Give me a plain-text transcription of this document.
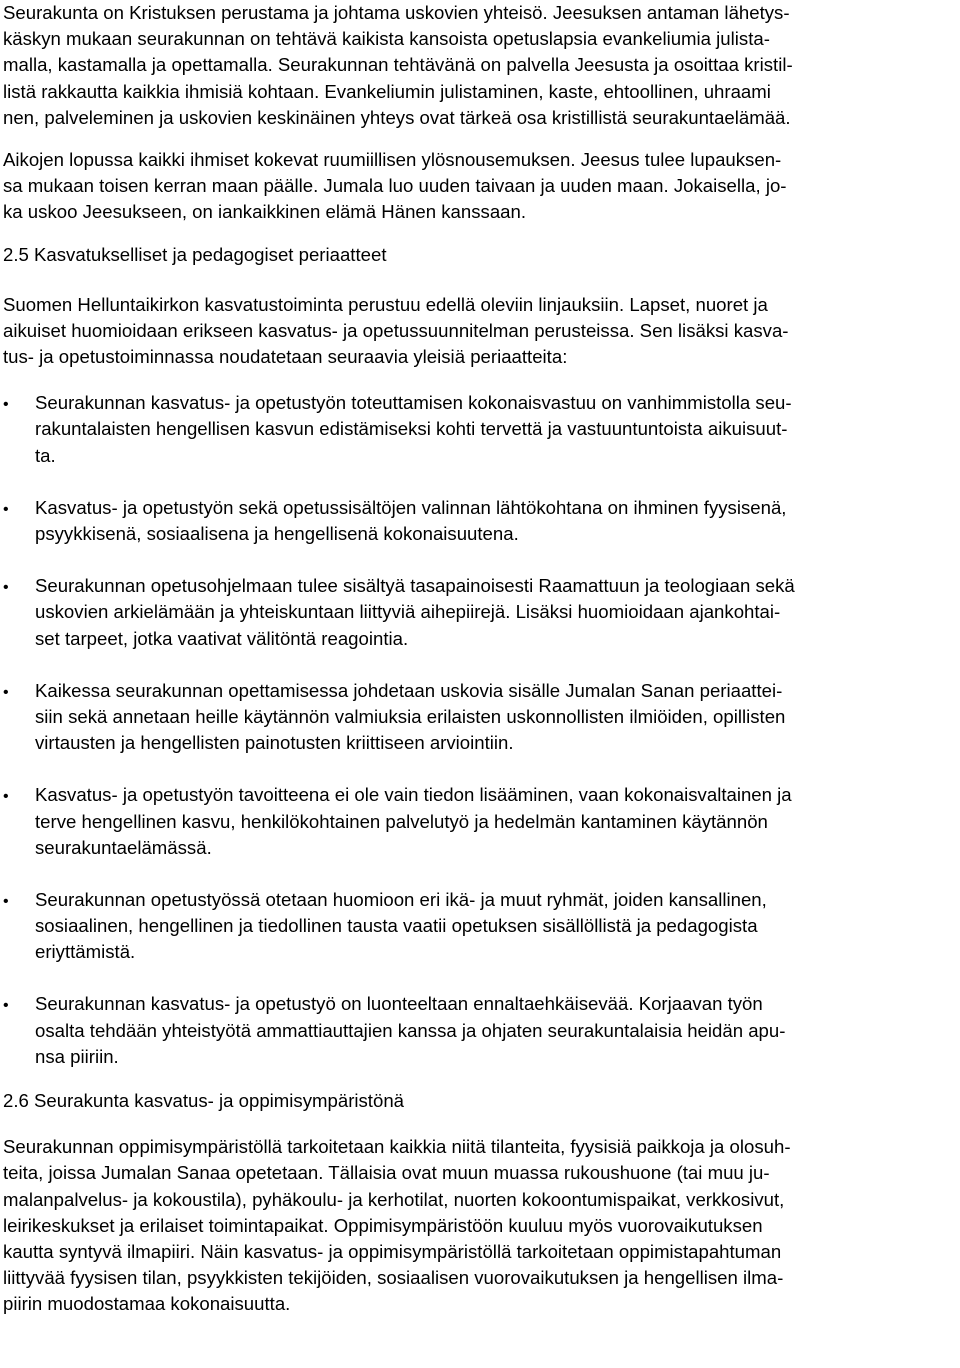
Seurakunta on Kristuksen perustama ja johtama uskovien yhteisö. Jeesuksen antaman lähetys-
käskyn mukaan seurakunnan on tehtävä kaikista kansoista opetuslapsia evankeliumia julista-
malla, kastamalla ja opettamalla. Seurakunnan tehtävänä on palvella Jeesusta ja osoittaa kristil-
listä rakkautta kaikkia ihmisiä kohtaan. Evankeliumin julistaminen, kaste, ehtoollinen, uhraami
nen, palveleminen ja uskovien keskinäinen yhteys ovat tärkeä osa kristillistä seurakuntaelämää.
Aikojen lopussa kaikki ihmiset kokevat ruumiillisen ylösnousemuksen. Jeesus tulee lupauksen-
sa mukaan toisen kerran maan päälle. Jumala luo uuden taivaan ja uuden maan. Jokaisella, jo-
ka uskoo Jeesukseen, on iankaikkinen elämä Hänen kanssaan.
2.5 Kasvatukselliset ja pedagogiset periaatteet
Suomen Helluntaikirkon kasvatustoiminta perustuu edellä oleviin linjauksiin. Lapset, nuoret ja
aikuiset huomioidaan erikseen kasvatus- ja opetussuunnitelman perusteissa. Sen lisäksi kasva-
tus- ja opetustoiminnassa noudatetaan seuraavia yleisiä periaatteita:
•
Seurakunnan kasvatus- ja opetustyön toteuttamisen kokonaisvastuu on vanhimmistolla seu-
rakuntalaisten hengellisen kasvun edistämiseksi kohti tervettä ja vastuuntuntoista aikuisuut-
ta.
•
Kasvatus- ja opetustyön sekä opetussisältöjen valinnan lähtökohtana on ihminen fyysisenä,
psyykkisenä, sosiaalisena ja hengellisenä kokonaisuutena.
•
Seurakunnan opetusohjelmaan tulee sisältyä tasapainoisesti Raamattuun ja teologiaan sekä
uskovien arkielämään ja yhteiskuntaan liittyviä aihepiirejä. Lisäksi huomioidaan ajankohtai-
set tarpeet, jotka vaativat välitöntä reagointia.
•
Kaikessa seurakunnan opettamisessa johdetaan uskovia sisälle Jumalan Sanan periaattei-
siin sekä annetaan heille käytännön valmiuksia erilaisten uskonnollisten ilmiöiden, opillisten
virtausten ja hengellisten painotusten kriittiseen arviointiin.
•
Kasvatus- ja opetustyön tavoitteena ei ole vain tiedon lisääminen, vaan kokonaisvaltainen ja
terve hengellinen kasvu, henkilökohtainen palvelutyö ja hedelmän kantaminen käytännön
seurakuntaelämässä.
•
Seurakunnan opetustyössä otetaan huomioon eri ikä- ja muut ryhmät, joiden kansallinen,
sosiaalinen, hengellinen ja tiedollinen tausta vaatii opetuksen sisällöllistä ja pedagogista
eriyttämistä.
•
Seurakunnan kasvatus- ja opetustyö on luonteeltaan ennaltaehkäisevää. Korjaavan työn
osalta tehdään yhteistyötä ammattiauttajien kanssa ja ohjaten seurakuntalaisia heidän apu-
nsa piiriin.
2.6 Seurakunta kasvatus- ja oppimisympäristönä
Seurakunnan oppimisympäristöllä tarkoitetaan kaikkia niitä tilanteita, fyysisiä paikkoja ja olosuh-
teita, joissa Jumalan Sanaa opetetaan. Tällaisia ovat muun muassa rukoushuone (tai muu ju-
malanpalvelus- ja kokoustila), pyhäkoulu- ja kerhotilat, nuorten kokoontumispaikat, verkkosivut,
leirikeskukset ja erilaiset toimintapaikat. Oppimisympäristöön kuuluu myös vuorovaikutuksen
kautta syntyvä ilmapiiri. Näin kasvatus- ja oppimisympäristöllä tarkoitetaan oppimistapahtuman
liittyvää fyysisen tilan, psyykkisten tekijöiden, sosiaalisen vuorovaikutuksen ja hengellisen ilma-
piirin muodostamaa kokonaisuutta.
